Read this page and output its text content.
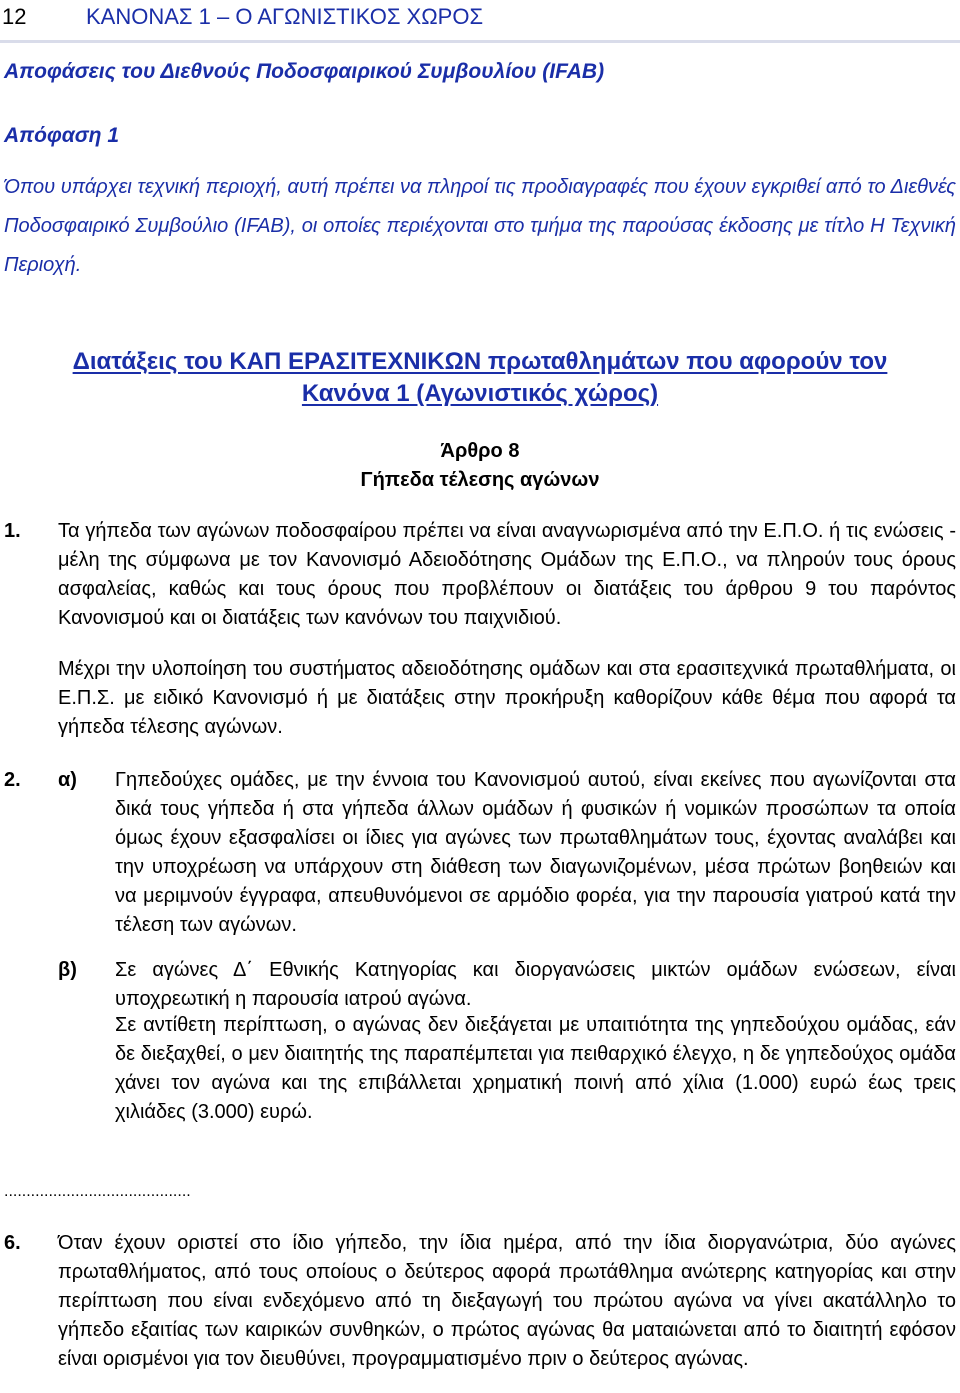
12	ΚΑΝΟΝΑΣ 1 – Ο ΑΓΩΝΙΣΤΙΚΟΣ ΧΩΡΟΣ
Αποφάσεις του Διεθνούς Ποδοσφαιρικού Συμβουλίου (IFAB)
Απόφαση 1
Όπου υπάρχει τεχνική περιοχή, αυτή πρέπει να πληροί τις προδιαγραφές που έχουν εγκριθεί από το Διεθνές Ποδοσφαιρικό Συμβούλιο (IFAB), οι οποίες περιέχονται στο τμήμα της παρούσας έκδοσης με τίτλο Η Τεχνική Περιοχή.
Διατάξεις του ΚΑΠ ΕΡΑΣΙΤΕΧΝΙΚΩΝ πρωταθλημάτων που αφορούν τον
Κανόνα 1 (Αγωνιστικός χώρος)
Άρθρο 8
Γήπεδα τέλεσης αγώνων
1. Τα γήπεδα των αγώνων ποδοσφαίρου πρέπει να είναι αναγνωρισμένα από την Ε.Π.Ο. ή τις ενώσεις - μέλη της σύμφωνα με τον Κανονισμό Αδειοδότησης Ομάδων της Ε.Π.Ο., να πληρούν τους όρους ασφαλείας, καθώς και τους όρους που προβλέπουν οι διατάξεις του άρθρου 9 του παρόντος Κανονισμού και οι διατάξεις των κανόνων του παιχνιδιού.
Μέχρι την υλοποίηση του συστήματος αδειοδότησης ομάδων και στα ερασιτεχνικά πρωταθλήματα, οι Ε.Π.Σ. με ειδικό Κανονισμό ή με διατάξεις στην προκήρυξη καθορίζουν κάθε θέμα που αφορά τα γήπεδα τέλεσης αγώνων.
2. α) Γηπεδούχες ομάδες, με την έννοια του Κανονισμού αυτού, είναι εκείνες που αγωνίζονται στα δικά τους γήπεδα ή στα γήπεδα άλλων ομάδων ή φυσικών ή νομικών προσώπων τα οποία όμως έχουν εξασφαλίσει οι ίδιες για αγώνες των πρωταθλημάτων τους, έχοντας αναλάβει και την υποχρέωση να υπάρχουν στη διάθεση των διαγωνιζομένων, μέσα πρώτων βοηθειών και να μεριμνούν έγγραφα, απευθυνόμενοι σε αρμόδιο φορέα, για την παρουσία γιατρού κατά την τέλεση των αγώνων.
β) Σε αγώνες Δ΄ Εθνικής Κατηγορίας και διοργανώσεις μικτών ομάδων ενώσεων, είναι υποχρεωτική η παρουσία ιατρού αγώνα.
Σε αντίθετη περίπτωση, ο αγώνας δεν διεξάγεται με υπαιτιότητα της γηπεδούχου ομάδας, εάν δε διεξαχθεί, ο μεν διαιτητής της παραπέμπεται για πειθαρχικό έλεγχο, η δε γηπεδούχος ομάδα χάνει τον αγώνα και της επιβάλλεται χρηματική ποινή από χίλια (1.000) ευρώ έως τρεις χιλιάδες (3.000) ευρώ.
..........................................
6. Όταν έχουν οριστεί στο ίδιο γήπεδο, την ίδια ημέρα, από την ίδια διοργανώτρια, δύο αγώνες πρωταθλήματος, από τους οποίους ο δεύτερος αφορά πρωτάθλημα ανώτερης κατηγορίας και στην περίπτωση που είναι ενδεχόμενο από τη διεξαγωγή του πρώτου αγώνα να γίνει ακατάλληλο το γήπεδο εξαιτίας των καιρικών συνθηκών, ο πρώτος αγώνας θα ματαιώνεται από το διαιτητή εφόσον είναι ορισμένοι για τον διευθύνει, προγραμματισμένο πριν ο δεύτερος αγώνας.
